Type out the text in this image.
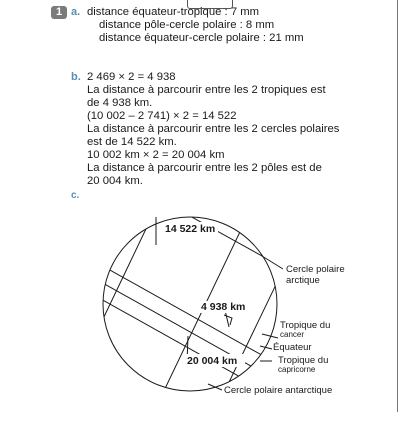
1 a. distance équateur-tropique : 7 mm
distance pôle-cercle polaire : 8 mm
distance équateur-cercle polaire : 21 mm
b. 2 469 × 2 = 4 938
La distance à parcourir entre les 2 tropiques est
de 4 938 km.
(10 002 – 2 741) × 2 = 14 522
La distance à parcourir entre les 2 cercles polaires
est de 14 522 km.
10 002 km × 2 = 20 004 km
La distance à parcourir entre les 2 pôles est de
20 004 km.
c.
14 522 km
4 938 km
20 004 km
Cercle polaire
arctique
Tropique du
cancer
Équateur
Tropique du
capricorne
Cercle polaire antarctique
